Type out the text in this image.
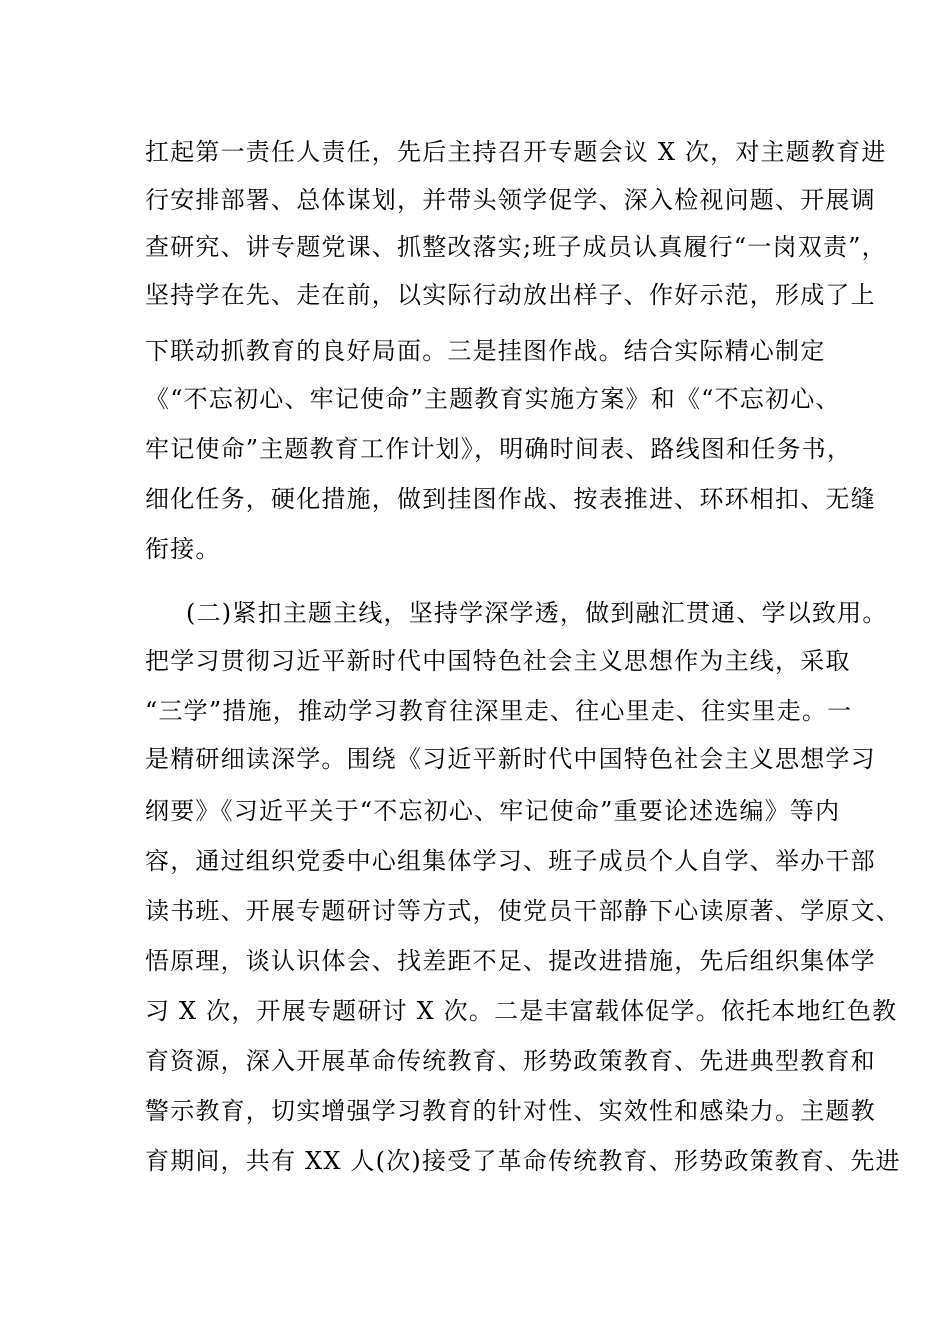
扛起第一责任人责任，先后主持召开专题会议 X 次，对主题教育进

行安排部署、总体谋划，并带头领学促学、深入检视问题、开展调

查研究、讲专题党课、抓整改落实;班子成员认真履行“一岗双责”，

坚持学在先、走在前，以实际行动放出样子、作好示范，形成了上

下联动抓教育的良好局面。三是挂图作战。结合实际精心制定

《“不忘初心、牢记使命”主题教育实施方案》和《“不忘初心、

牢记使命”主题教育工作计划》，明确时间表、路线图和任务书，

细化任务，硬化措施，做到挂图作战、按表推进、环环相扣、无缝

衔接。

(二)紧扣主题主线，坚持学深学透，做到融汇贯通、学以致用。

把学习贯彻习近平新时代中国特色社会主义思想作为主线，采取

“三学”措施，推动学习教育往深里走、往心里走、往实里走。一

是精研细读深学。围绕《习近平新时代中国特色社会主义思想学习

纲要》《习近平关于“不忘初心、牢记使命”重要论述选编》等内

容，通过组织党委中心组集体学习、班子成员个人自学、举办干部

读书班、开展专题研讨等方式，使党员干部静下心读原著、学原文、

悟原理，谈认识体会、找差距不足、提改进措施，先后组织集体学

习 X 次，开展专题研讨 X 次。二是丰富载体促学。依托本地红色教

育资源，深入开展革命传统教育、形势政策教育、先进典型教育和

警示教育，切实增强学习教育的针对性、实效性和感染力。主题教

育期间，共有 XX 人(次)接受了革命传统教育、形势政策教育、先进
